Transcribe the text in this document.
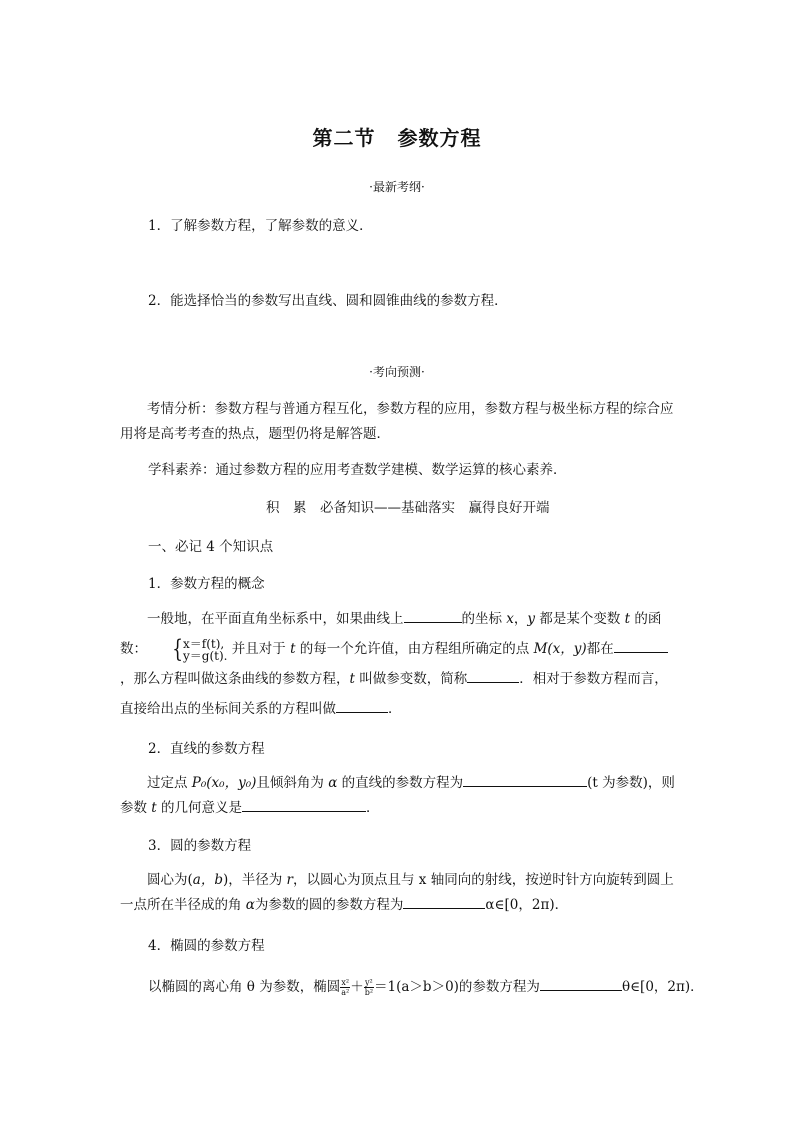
第二节 参数方程
·最新考纲·
1．了解参数方程，了解参数的意义．
2．能选择恰当的参数写出直线、圆和圆锥曲线的参数方程．
·考向预测·
考情分析：参数方程与普通方程互化，参数方程的应用，参数方程与极坐标方程的综合应用将是高考考查的热点，题型仍将是解答题．
学科素养：通过参数方程的应用考查数学建模、数学运算的核心素养．
积　累　必备知识——基础落实　赢得良好开端
一、必记 4 个知识点
1．参数方程的概念
一般地，在平面直角坐标系中，如果曲线上	的坐标 x，y 都是某个变数 t 的函数：	{ x＝f(t),
y＝g(t). 并且对于 t 的每一个允许值，由方程组所确定的点 M(x，y)都在，那么方程叫做这条曲线的参数方程，t 叫做参变数，简称	．相对于参数方程而言，直接给出点的坐标间关系的方程叫做	．
2．直线的参数方程
过定点 P₀(x₀，y₀)且倾斜角为 α 的直线的参数方程为	(t 为参数)，则参数 t 的几何意义是	．
3．圆的参数方程
圆心为(a，b)，半径为 r，以圆心为顶点且与 x 轴同向的射线，按逆时针方向旋转到圆上一点所在半径成的角 α为参数的圆的参数方程为	α∈[0，2π)．
4．椭圆的参数方程
以椭圆的离心角 θ 为参数，椭圆 $\frac{\text{x²}}{\text{a²}} + \frac{\text{y²}}{\text{b²}} =1(a>b>0)$的参数方程为	θ∈[0，2π)．
